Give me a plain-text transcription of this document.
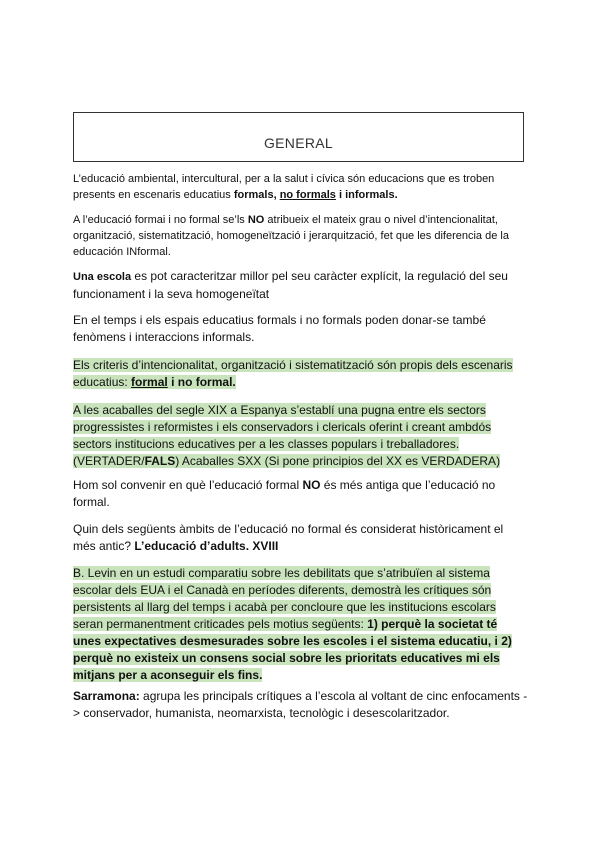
GENERAL

L’educació ambiental, intercultural, per a la salut i cívica són educacions que es troben presents en escenaris educatius formals, no formals i informals.

A l’educació formai i no formal se’ls NO atribueix el mateix grau o nivel d’intencionalitat, organització, sistematització, homogeneïtzació i jerarquització, fet que les diferencia de la educación INformal.

Una escola es pot caracteritzar millor pel seu caràcter explícit, la regulació del seu funcionament i la seva homogeneïtat

En el temps i els espais educatius formals i no formals poden donar-se també fenòmens i interaccions informals.

Els criteris d’intencionalitat, organització i sistematització són propis dels escenaris educatius: formal i no formal.

A les acaballes del segle XIX a Espanya s’establí una pugna entre els sectors progressistes i reformistes i els conservadors i clericals oferint i creant ambdós sectors institucions educatives per a les classes populars i treballadores. (VERTADER/FALS) Acaballes SXX (Si pone principios del XX es VERDADERA)

Hom sol convenir en què l’educació formal NO és més antiga que l’educació no formal.

Quin dels següents àmbits de l’educació no formal és considerat històricament el més antic? L’educació d’adults. XVIII

B. Levin en un estudi comparatiu sobre les debilitats que s’atribuïen al sistema escolar dels EUA i el Canadà en períodes diferents, demostrà les crítiques són persistents al llarg del temps i acabà per concloure que les institucions escolars seran permanentment criticades pels motius següents: 1) perquè la societat té unes expectatives desmesurades sobre les escoles i el sistema educatiu, i 2) perquè no existeix un consens social sobre les prioritats educatives mi els mitjans per a aconseguir els fins.

Sarramona: agrupa les principals crítiques a l’escola al voltant de cinc enfocaments -> conservador, humanista, neomarxista, tecnològic i desescolaritzador.
